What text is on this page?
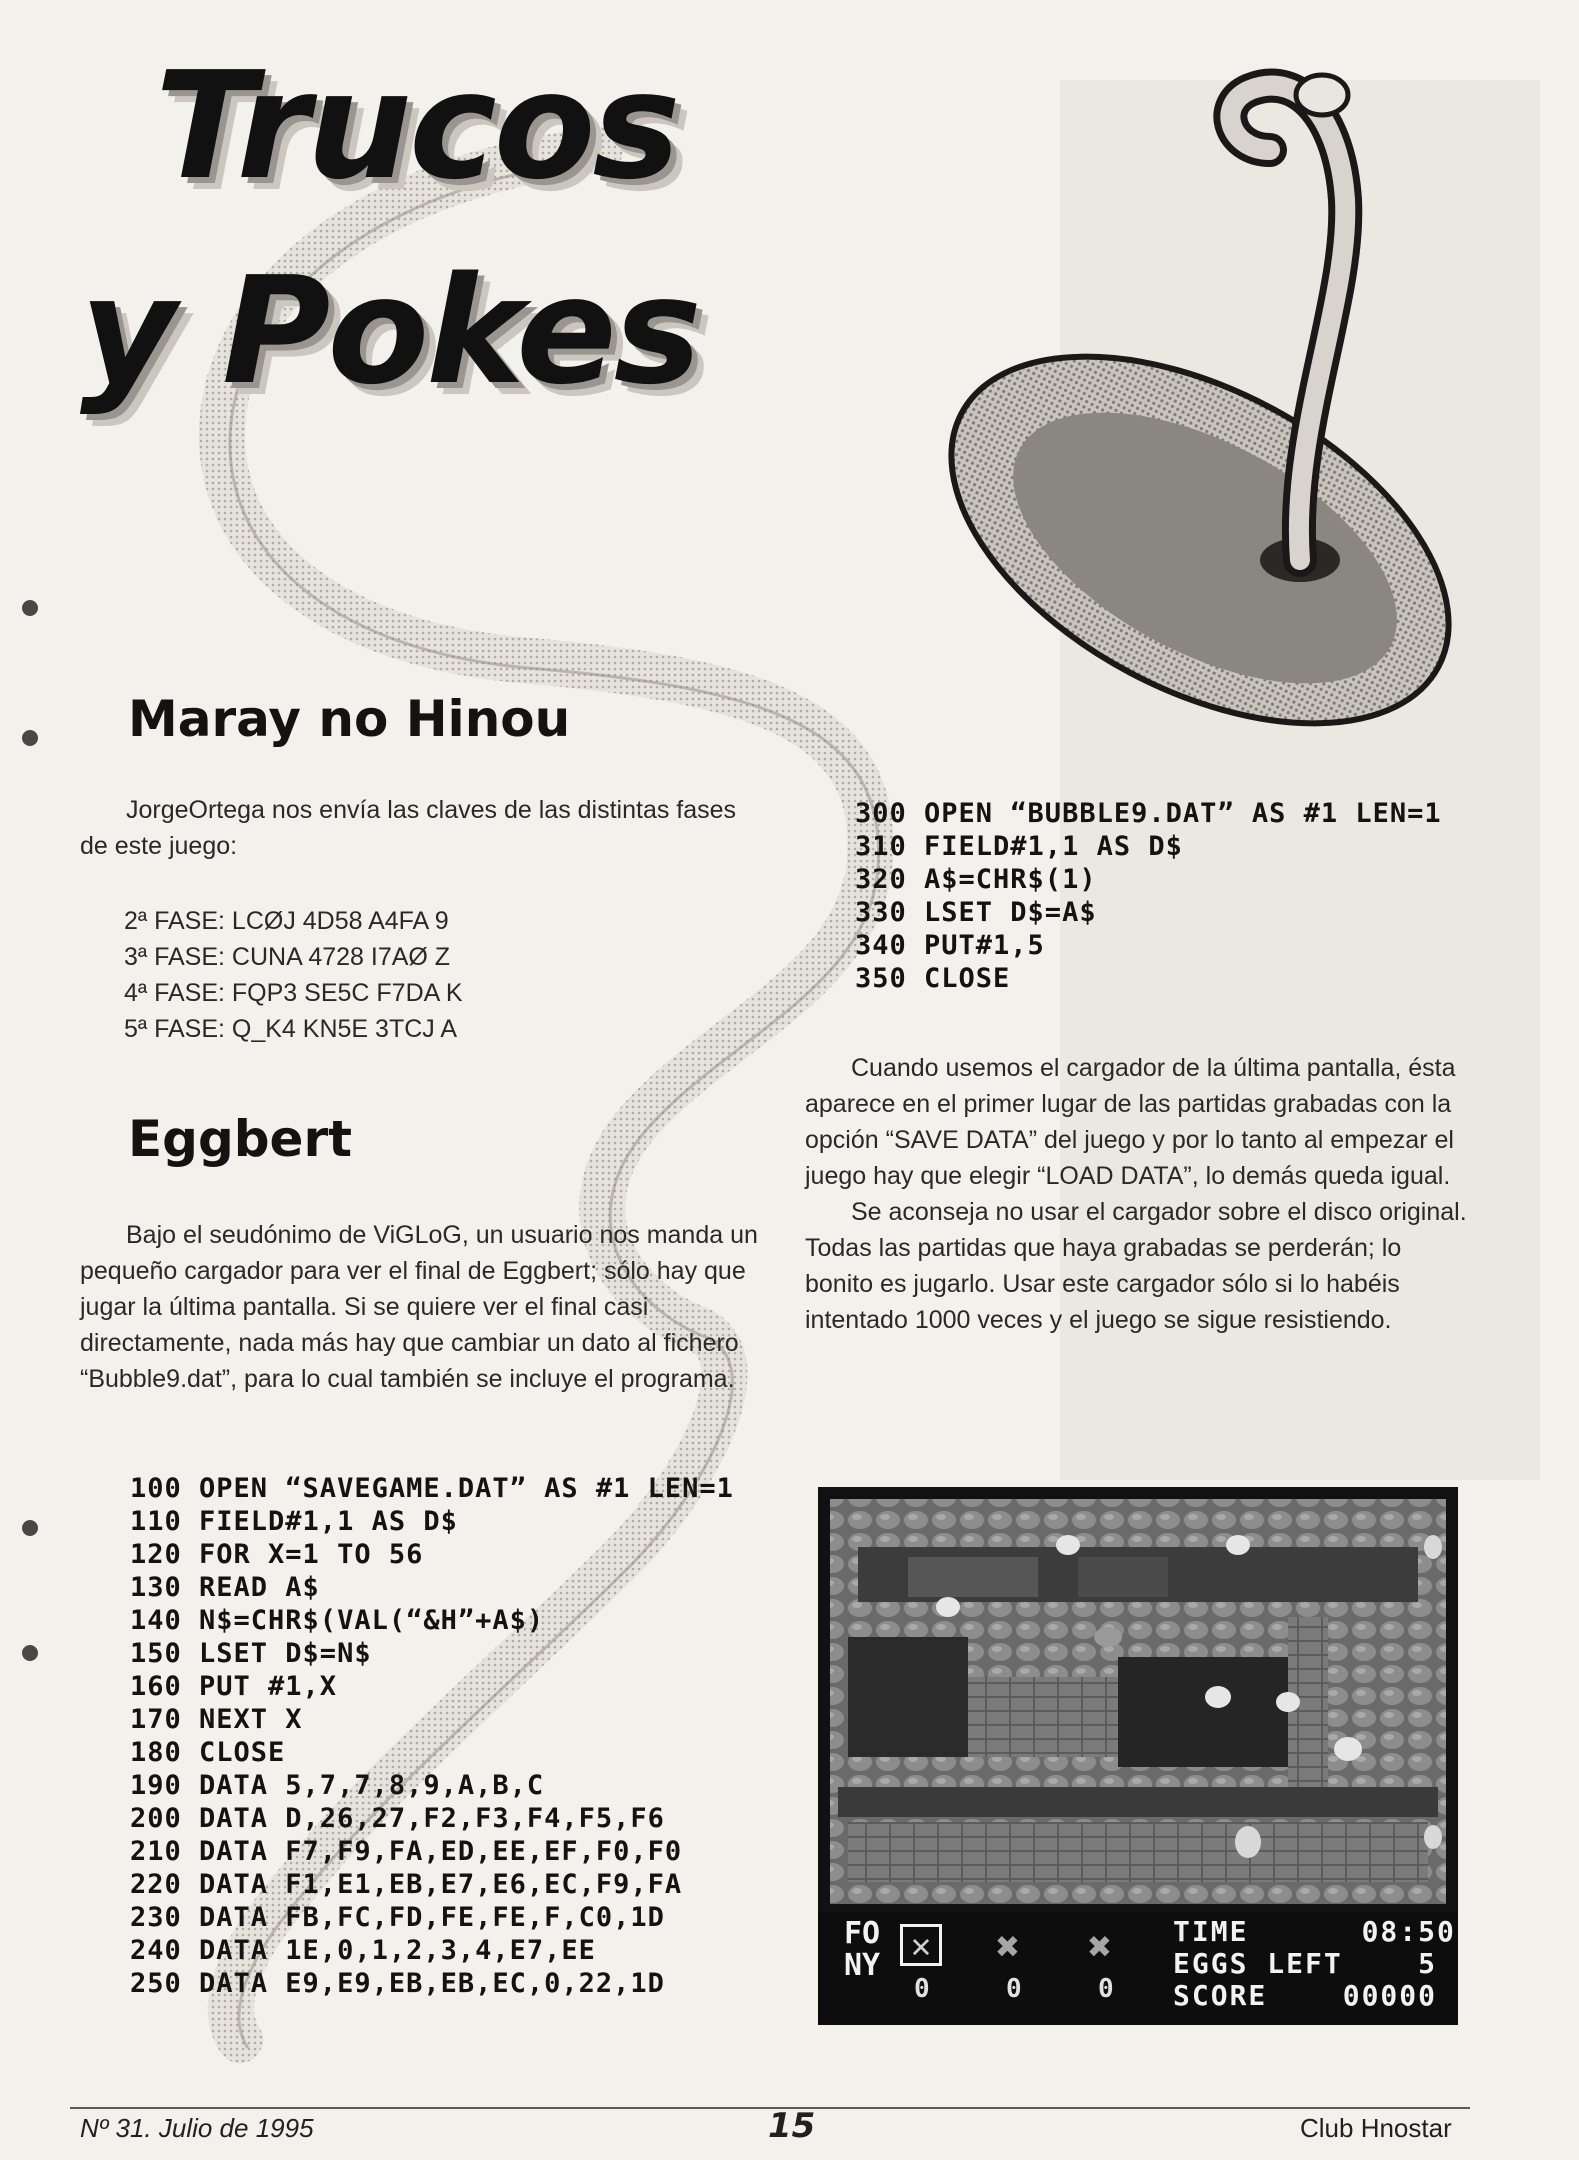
Trucos
y Pokes
Maray no Hinou

JorgeOrtega nos envía las claves de las distintas fases de este juego:

2ª FASE: LCØJ 4D58 A4FA 9
3ª FASE: CUNA 4728 I7AØ Z
4ª FASE: FQP3 SE5C F7DA K
5ª FASE: Q_K4 KN5E 3TCJ A
Eggbert

Bajo el seudónimo de ViGLoG, un usuario nos manda un pequeño cargador para ver el final de Eggbert; sólo hay que jugar la última pantalla. Si se quiere ver el final casi directamente, nada más hay que cambiar un dato al fichero “Bubble9.dat”, para lo cual también se incluye el programa.

100 OPEN “SAVEGAME.DAT” AS #1 LEN=1
110 FIELD#1,1 AS D$
120 FOR X=1 TO 56
130 READ A$
140 N$=CHR$(VAL(“&H”+A$)
150 LSET D$=N$
160 PUT #1,X
170 NEXT X
180 CLOSE
190 DATA 5,7,7,8,9,A,B,C
200 DATA D,26,27,F2,F3,F4,F5,F6
210 DATA F7,F9,FA,ED,EE,EF,F0,F0
220 DATA F1,E1,EB,E7,E6,EC,F9,FA
230 DATA FB,FC,FD,FE,FE,F,C0,1D
240 DATA 1E,0,1,2,3,4,E7,EE
250 DATA E9,E9,EB,EB,EC,0,22,1D
300 OPEN “BUBBLE9.DAT” AS #1 LEN=1
310 FIELD#1,1 AS D$
320 A$=CHR$(1)
330 LSET D$=A$
340 PUT#1,5
350 CLOSE

Cuando usemos el cargador de la última pantalla, ésta aparece en el primer lugar de las partidas grabadas con la opción “SAVE DATA” del juego y por lo tanto al empezar el juego hay que elegir “LOAD DATA”, lo demás queda igual.

Se aconseja no usar el cargador sobre el disco original. Todas las partidas que haya grabadas se perderán; lo bonito es jugarlo. Usar este cargador sólo si lo habéis intentado 1000 veces y el juego se sigue resistiendo.

FO
NY ✕ ✖ ✖
0	0	0
TIME      08:50
EGGS LEFT    5
SCORE    00000
Nº 31. Julio de 1995	15	Club Hnostar
